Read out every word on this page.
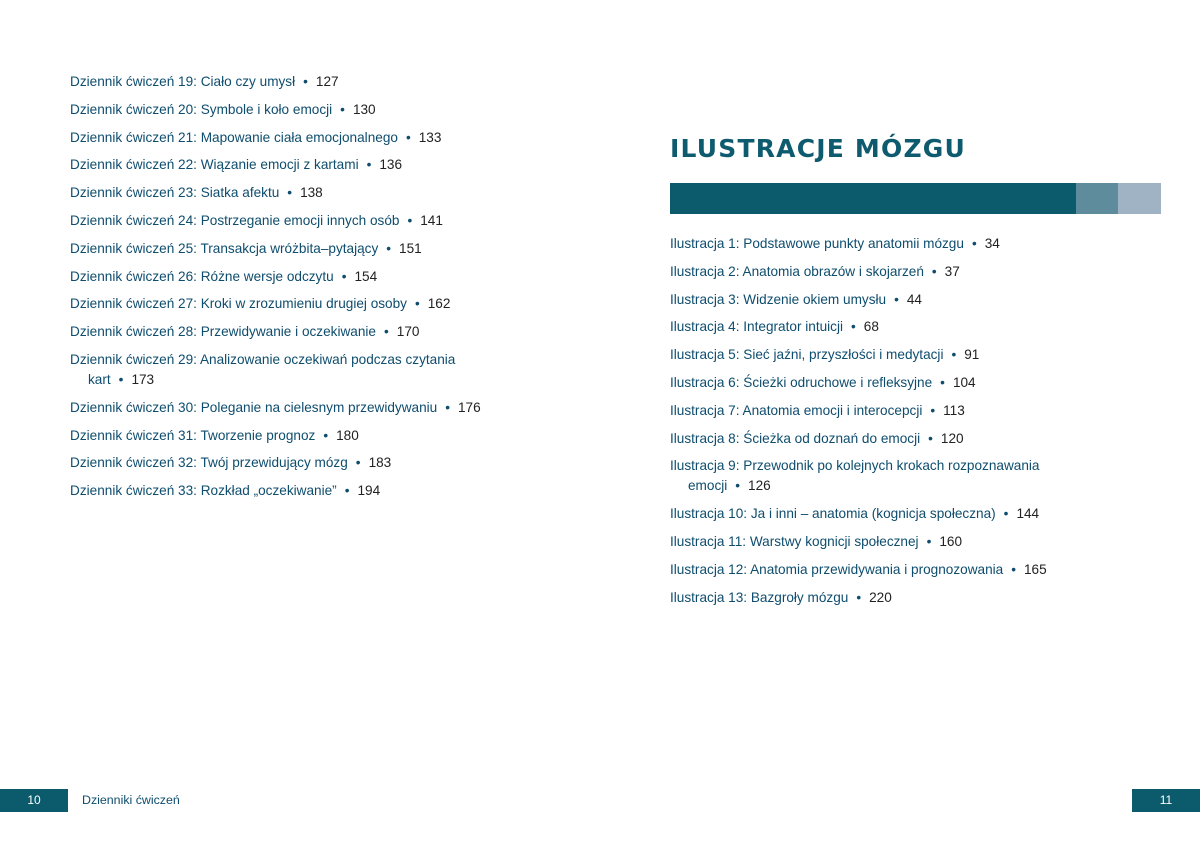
Dziennik ćwiczeń 19: Ciało czy umysł • 127
Dziennik ćwiczeń 20: Symbole i koło emocji • 130
Dziennik ćwiczeń 21: Mapowanie ciała emocjonalnego • 133
Dziennik ćwiczeń 22: Wiązanie emocji z kartami • 136
Dziennik ćwiczeń 23: Siatka afektu • 138
Dziennik ćwiczeń 24: Postrzeganie emocji innych osób • 141
Dziennik ćwiczeń 25: Transakcja wróżbita–pytający • 151
Dziennik ćwiczeń 26: Różne wersje odczytu • 154
Dziennik ćwiczeń 27: Kroki w zrozumieniu drugiej osoby • 162
Dziennik ćwiczeń 28: Przewidywanie i oczekiwanie • 170
Dziennik ćwiczeń 29: Analizowanie oczekiwań podczas czytania kart • 173
Dziennik ćwiczeń 30: Poleganie na cielesnym przewidywaniu • 176
Dziennik ćwiczeń 31: Tworzenie prognoz • 180
Dziennik ćwiczeń 32: Twój przewidujący mózg • 183
Dziennik ćwiczeń 33: Rozkład „oczekiwanie” • 194
10	Dzienniki ćwiczeń
ILUSTRACJE MÓZGU
Ilustracja 1: Podstawowe punkty anatomii mózgu • 34
Ilustracja 2: Anatomia obrazów i skojarzeń • 37
Ilustracja 3: Widzenie okiem umysłu • 44
Ilustracja 4: Integrator intuicji • 68
Ilustracja 5: Sieć jaźni, przyszłości i medytacji • 91
Ilustracja 6: Ścieżki odruchowe i refleksyjne • 104
Ilustracja 7: Anatomia emocji i interocepcji • 113
Ilustracja 8: Ścieżka od doznań do emocji • 120
Ilustracja 9: Przewodnik po kolejnych krokach rozpoznawania emocji • 126
Ilustracja 10: Ja i inni – anatomia (kognicja społeczna) • 144
Ilustracja 11: Warstwy kognicji społecznej • 160
Ilustracja 12: Anatomia przewidywania i prognozowania • 165
Ilustracja 13: Bazgroły mózgu • 220
11
